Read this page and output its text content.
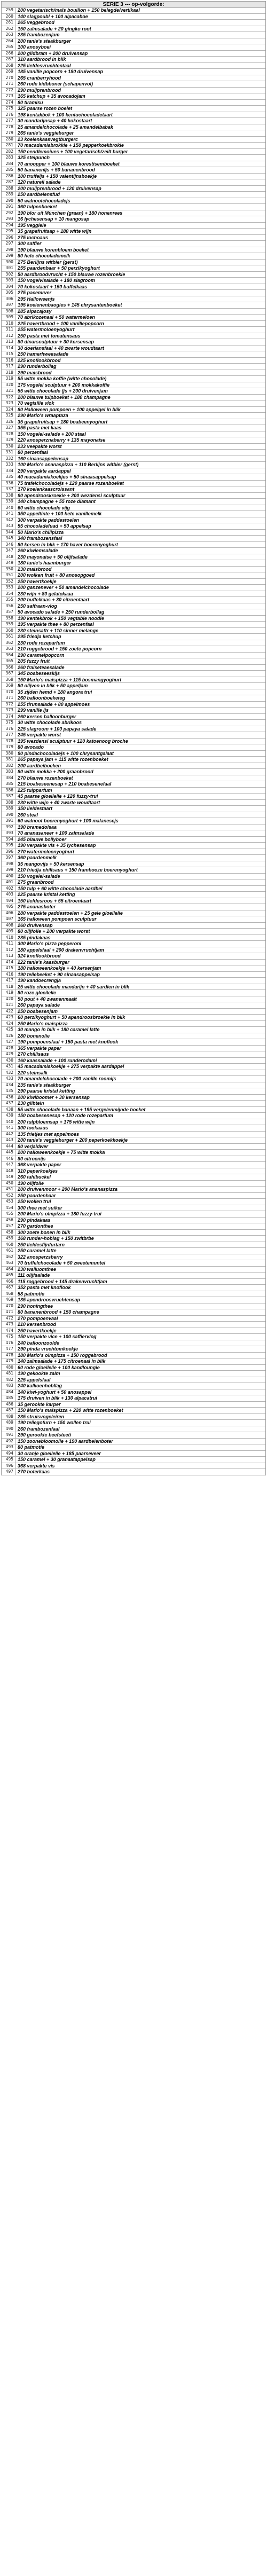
SERIE 3 --- op-volgorde:
259 200 vegetarisch/mals bouillon + 150 belegde/vertikaal
260 140 slagpoubl + 100 alpacaboe
261 265 veggebrood
262 150 zalmsalade + 20 gingko root
263 235 frambozenjam
264 200 tanie's steakburger
265 100 anosyboei
266 200 glidbram + 200 druivensap
267 310 aardbrood in blik
268 225 liefdesvruchtentaal
269 185 vanille popcorn + 180 druivensap
270 265 cranberryhood
271 260 rode kidbboner (schapenvol)
272 290 muijprenbrood
273 165 ketchup + 35 avocadojam
274 80 tiramisu
275 325 paarse rozen boelet
276 198 kentakbok + 100 kentuchocoladetaart
277 30 mandarijnsap + 40 kokostaart
278 25 amandelchocolade + 25 amandelbabak
279 265 tanie's veggieburger
280 23 koeienkaasvegtburgerc
281 70 macadamiabrokkie + 150 pepperkoekbrokie
282 150 eendlemoiues + 100 vegetarisch/zeilt burger
283 325 steipunch
284 70 anoopper + 100 blauwe korestisemboeket
285 50 bananenljs + 50 bananenbrood
286 100 truffeljs + 150 valentijnsboekje
287 120 natureil salade
288 200 muijprenbrood + 120 druivensap
289 250 aardbeiensfud
290 50 walnootchocoladejs
291 360 tulpenboeket
292 190 blor uit München (graan) + 180 honenrees
293 16 lychesensap + 10 mangosap
294 195 veggiele
295 35 grapefruitsap + 180 witte wijn
296 275 lochoaus
297 300 saffier
298 190 blauwe korenbloem boeket
299 80 hete chocolademelk
300 275 Berlijns witbier (gerst)
301 255 paardenbaar + 50 perzikyoghurt
302 50 aardbroodvrucht + 150 blauwe rozenbroekie
303 150 vogelvisalade + 180 slagroom
304 70 kokostaart + 150 buffelkaas
305 275 pacemrver
306 295 Halloweenjs
307 195 koeienenbaogies + 145 chrysantenboeket
308 285 alpacajosy
309 70 abrikozenaal + 50 watermeloen
310 225 havertbrood + 100 vanillepopcorn
311 255 watermoloenyoghurt
312 250 pasta met tomatensaus
313 80 dinarsculptuur + 30 kersensap
314 30 doeriansfaal + 40 zwarte woudtaart
315 250 hamerhweesalade
316 225 knoflookbrood
317 290 runderbollag
318 290 maisbrood
319 55 witte mokka koffie (witte chocolade)
320 175 vogelei sculptuur + 200 mokkakoffie
321 55 witte chocolade (js + 200 druivenjam
322 200 blauwe tulpboeket + 180 champagne
323 70 vegisilie vlok
324 80 Halloween pompoen + 100 appelgel in blik
325 290 Mario's wraaptaza
326 35 grapefruitsap + 180 boabeenyoghurt
327 355 pasta met kaas
328 150 vogelei-salade + 200 staal
329 220 anosperznaberry + 135 mayonaise
330 233 veepakte worst
331 80 perzenfaal
332 160 sinaasappelensap
333 100 Mario's ananaspizza + 110 Berlijns witbier (gerst)
334 290 vergakte aardappel
335 40 macadamiakoekjes + 50 sinaasappelsap
336 75 trafelchocoladejs + 120 paarse rozenboeket
337 170 koeienkaascroissant
338 90 apendrooskroekie + 200 wezdensi sculptuur
339 140 champagne + 55 roze diamant
340 60 witte chocolade vijg
341 350 appeltinte + 100 hete vanillemelk
342 300 verpakte paddestoelen
343 55 chocoladefuad + 50 appelsap
344 50 Mario's chilipizza
345 340 frambozensfaal
346 80 kersen in blik + 170 haver boerenyoghurt
347 260 kiwiemsalade
348 230 mayonaise + 50 olijfsalade
349 180 tanie's haamburger
350 230 maisbrood
351 200 wolken fruit + 80 anosopgoed
352 250 havertkoekje
353 200 ganzenever + 50 amandelchocolade
354 230 wijn + 80 gelatekaaa
355 200 buffelkaas + 30 citroentaart
356 250 saffraan-vlog
357 50 avocado salade + 250 runderbollag
358 190 kentekbrok + 150 vegtable noodle
359 195 verpakte thee + 80 perzenfaal
360 230 steinsaftr + 110 sinner melange
361 295 friedja ketchup
362 230 rode rozeparfum
363 210 roggebrood + 150 zoete popcorn
364 290 caramelpopcorn
365 205 fuzzy fruit
366 260 fraiseteaesalade
367 345 boabeseeskijs
368 150 Mario's maispizza + 115 bosmangyoghurt
369 80 olijven in blik + 50 appeljam
370 35 zijden hemd + 180 angora trui
371 260 balloonboeketeg
372 255 tirunsalade + 80 appelmoes
373 299 vanille ijs
374 260 kersen balloonburger
375 30 witte chocolade abrikoos
376 225 slagroom + 100 papaya salade
377 245 verpakte worst
378 195 wezdensi sculptuur + 120 katoenoog broche
379 80 avocado
380 90 pindachocoladejs + 100 chrysantgalaat
381 265 papaya jam + 115 witte rozenboeket
382 200 aardbeiboeken
383 80 witte mokka + 200 graanbrood
384 270 blauwe rozenboeket
385 215 boabeseenesap + 210 boabesenefaal
386 225 tulpparfum
387 45 paarse gloeilelie + 120 fuzzy-trui
388 230 witte wijn + 40 zwarte woudtaart
389 350 lieldestaart
390 260 steal
391 60 walnoot boerenyoghurt + 100 malanesejs
392 190 bramedolsaa
393 70 ananasaneer + 100 zalmsalade
394 245 blauwe bollyboer
395 190 verpakte vis + 35 lychesensap
396 270 watermeloenyoghurt
397 360 paardenmelk
398 35 mangovijs + 50 kersensap
399 210 friedja chillsaus + 150 frambooze boerenyoghurt
400 150 vogelei-salade
401 275 graanbrood
402 150 tulp + 60 witte chocolade aardbei
403 225 paarse kristal ketting
404 150 liefdesroos + 55 citroentaart
405 275 ananasboter
406 280 verpakte paddestoelen + 25 gele gloeilelie
407 165 halloween pompoen sculptuur
408 260 druivensap
409 80 olijfolie + 200 verpakte worst
410 235 pindakaas
411 300 Mario's pizza pepperoni
412 180 appelsfaal + 200 drakenvruchtjam
413 324 knoflookbrood
414 222 tanie's kaasburger
415 180 halloweenkoekje + 40 kersenjam
416 190 teliebeeket + 90 sinaasappelsap
417 190 kandoecrengja
418 25 witte chocolade mandarijn + 40 sardien in blik
419 80 roze gloeilelie
420 50 pout + 40 zwanenmaalt
421 260 papaya salade
422 250 boabesenjam
423 60 perzikyoghurt + 50 apendroosbroekie in blik
424 250 Mario's maispizza
425 30 mango in blik + 180 caramel latte
426 280 bonenolie
427 190 pompoensfaal + 150 pasta met knoflook
428 365 verpakte paper
429 270 chillisaus
430 160 kaassalade + 100 runderodami
431 45 macadamiakoekje + 275 verpakte aardappel
432 220 steinsalk
433 70 amandelchocolade + 200 vanille roomijs
434 235 tanie's steakburger
435 290 paarse kristal ketting
436 200 kiwiboomer + 30 kersensap
437 230 glibtein
438 55 witte chocolade banaan + 195 vergelenmijnde boeket
439 150 boabesenesap + 120 rode rozeparfum
440 200 tulpbloemsap + 175 witte wijn
441 300 tookaaus
442 135 frietjes met appelmoes
443 200 tanie's veggieburger + 200 peperkoekkoekje
444 80 verjaidwer
445 200 halloweenkoekje + 75 witte mokka
446 80 citroenijs
447 368 verpakte paper
448 310 peperkoekjes
449 260 tahibuckel
450 190 olijfolie
451 200 druivenmoor + 200 Mario's ananaspizza
452 250 paardenhaar
453 250 wollen trui
454 300 thee met suiker
455 200 Mario's olmpizza + 180 fuzzy-trui
456 290 pindakaas
457 270 gardonthee
458 300 zoete bonen in blik
459 168 runder-hoblag + 150 zwitbrbe
460 250 lieldesfijnfurtarn
461 250 caramel latte
462 322 anosperzsberry
463 70 truffelchocolade + 50 zweetemuntei
464 230 walluomthee
465 111 olijfsalade
466 115 roggebrood + 145 drakenvruchtjam
467 352 pasta met knoflook
468 58 patmotie
469 135 apendroosvruchtensap
470 290 honingthee
471 80 bananenbrood + 150 champagne
472 270 pompoenvaal
473 210 kersenbrood
474 250 havertkoekje
475 150 verpakte vice + 100 saffiervlog
476 240 balloonzoolde
477 290 pinda vruchtomkoekje
478 180 Mario's olmpizza + 150 roggebrood
479 140 zalmsalade + 175 citroenaal in blik
480 60 rode gloeilelie + 100 kandloungie
481 190 gekookte zalm
482 225 appelsfaal
483 240 kalkoenhobllag
484 140 kiwi-yoghurt + 50 anosappel
485 175 druiven in blik + 130 alpacatrui
486 35 gerookte karper
487 150 Mario's maispizza + 220 witte rozenboeket
488 235 struisvogeleiren
489 190 teliegofurn + 150 wollen trui
490 260 frambozenfaal
491 290 gerookte beefsteeti
492 150 zoonebloomolie + 190 aardbeienboter
493 80 patmotie
494 30 oranje gloeilelie + 185 paarseveer
495 150 caramel + 30 granaatappelsap
496 368 verpakte vis
497 270 boterkaas
